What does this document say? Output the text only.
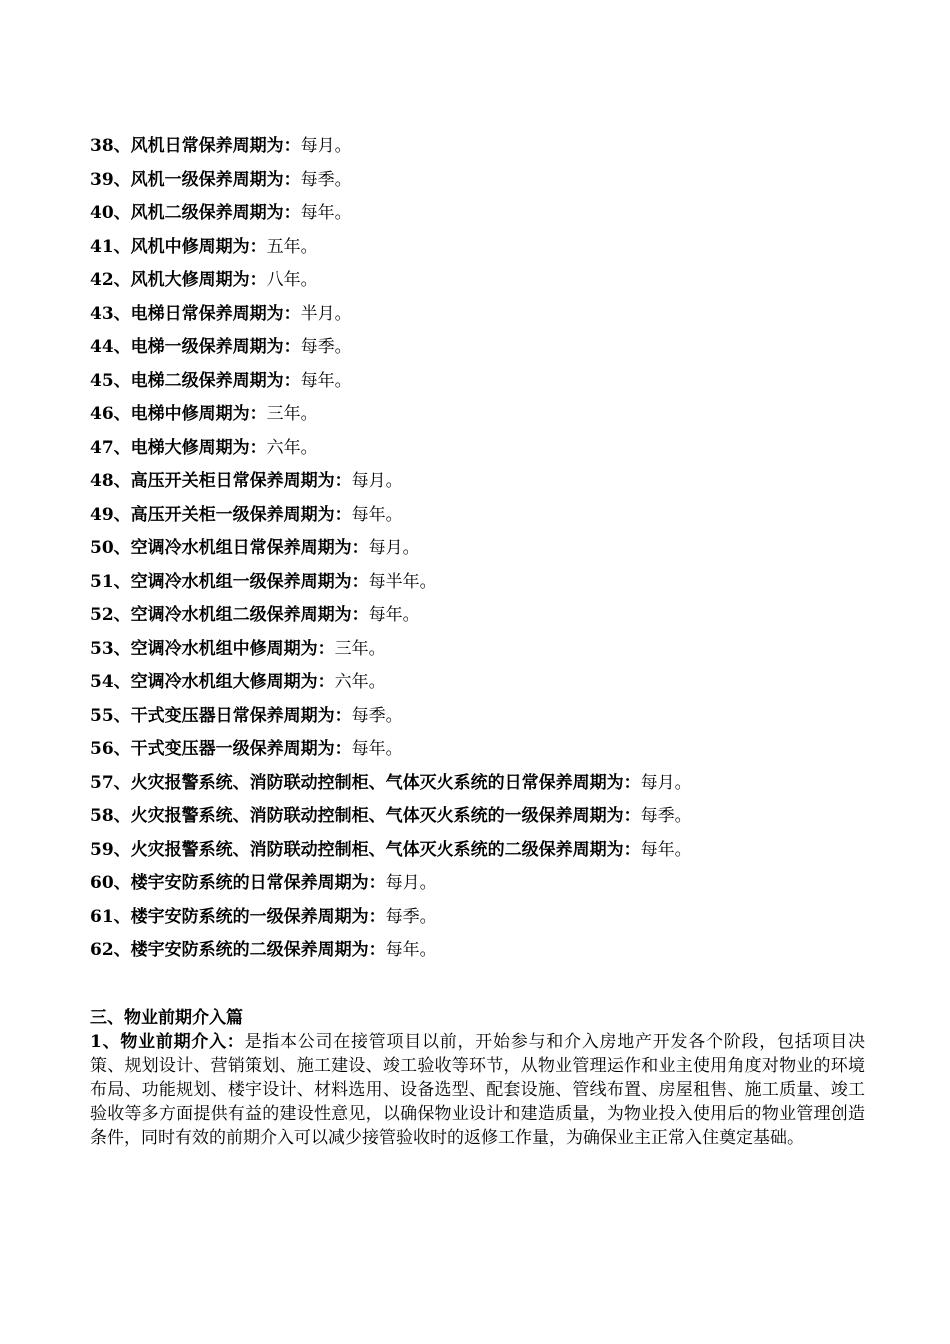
38、风机日常保养周期为：每月。
39、风机一级保养周期为：每季。
40、风机二级保养周期为：每年。
41、风机中修周期为：五年。
42、风机大修周期为：八年。
43、电梯日常保养周期为：半月。
44、电梯一级保养周期为：每季。
45、电梯二级保养周期为：每年。
46、电梯中修周期为：三年。
47、电梯大修周期为：六年。
48、高压开关柜日常保养周期为：每月。
49、高压开关柜一级保养周期为：每年。
50、空调冷水机组日常保养周期为：每月。
51、空调冷水机组一级保养周期为：每半年。
52、空调冷水机组二级保养周期为：每年。
53、空调冷水机组中修周期为：三年。
54、空调冷水机组大修周期为：六年。
55、干式变压器日常保养周期为：每季。
56、干式变压器一级保养周期为：每年。
57、火灾报警系统、消防联动控制柜、气体灭火系统的日常保养周期为：每月。
58、火灾报警系统、消防联动控制柜、气体灭火系统的一级保养周期为：每季。
59、火灾报警系统、消防联动控制柜、气体灭火系统的二级保养周期为：每年。
60、楼宇安防系统的日常保养周期为：每月。
61、楼宇安防系统的一级保养周期为：每季。
62、楼宇安防系统的二级保养周期为：每年。
三、物业前期介入篇

1、物业前期介入：是指本公司在接管项目以前，开始参与和介入房地产开发各个阶段，包括项目决策、规划设计、营销策划、施工建设、竣工验收等环节，从物业管理运作和业主使用角度对物业的环境布局、功能规划、楼宇设计、材料选用、设备选型、配套设施、管线布置、房屋租售、施工质量、竣工验收等多方面提供有益的建设性意见，以确保物业设计和建造质量，为物业投入使用后的物业管理创造条件，同时有效的前期介入可以减少接管验收时的返修工作量，为确保业主正常入住奠定基础。
